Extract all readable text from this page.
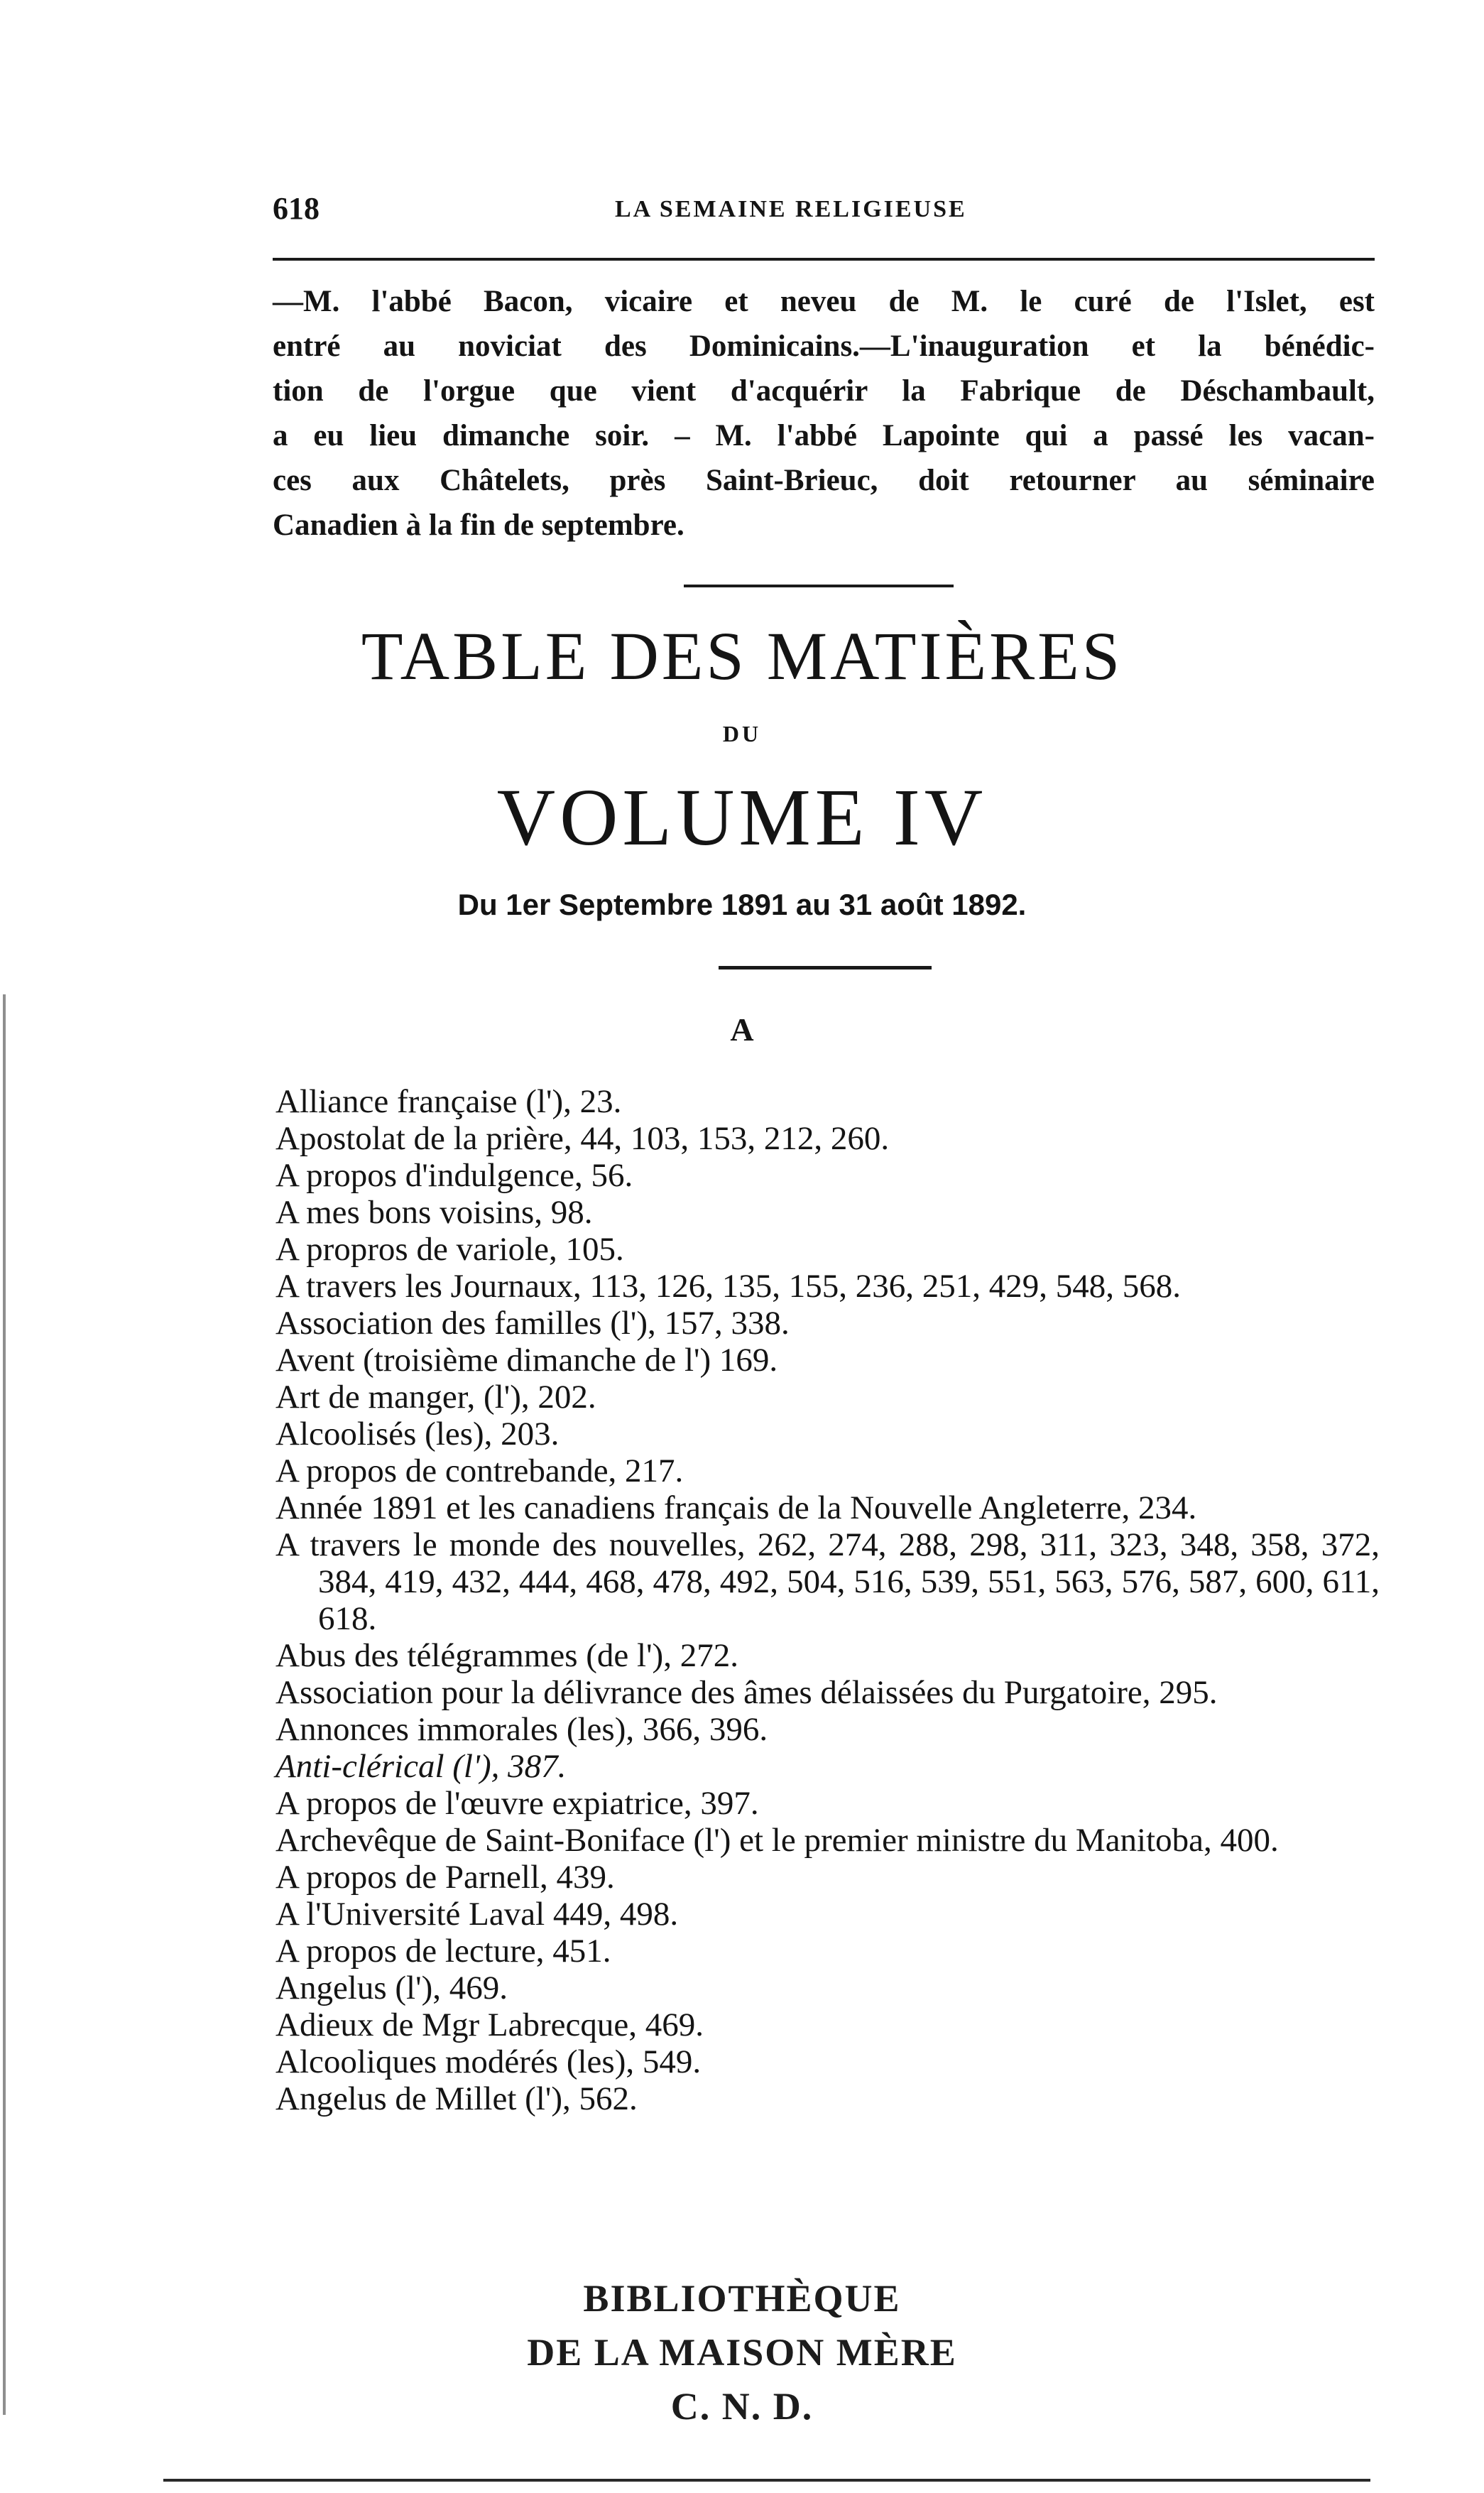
618	LA SEMAINE RELIGIEUSE
—M. l'abbé Bacon, vicaire et neveu de M. le curé de l'Islet, est
entré au noviciat des Dominicains.—L'inauguration et la bénédic-
tion de l'orgue que vient d'acquérir la Fabrique de Déschambault,
a eu lieu dimanche soir. – M. l'abbé Lapointe qui a passé les vacan-
ces aux Châtelets, près Saint-Brieuc, doit retourner au séminaire
Canadien à la fin de septembre.
TABLE DES MATIÈRES
DU
VOLUME IV
Du 1er Septembre 1891 au 31 août 1892.
A
Alliance française (l'), 23.
Apostolat de la prière, 44, 103, 153, 212, 260.
A propos d'indulgence, 56.
A mes bons voisins, 98.
A propros de variole, 105.
A travers les Journaux, 113, 126, 135, 155, 236, 251, 429, 548, 568.
Association des familles (l'), 157, 338.
Avent (troisième dimanche de l') 169.
Art de manger, (l'), 202.
Alcoolisés (les), 203.
A propos de contrebande, 217.
Année 1891 et les canadiens français de la Nouvelle Angleterre, 234.
A travers le monde des nouvelles, 262, 274, 288, 298, 311, 323, 348, 358, 372, 384, 419, 432, 444, 468, 478, 492, 504, 516, 539, 551, 563, 576, 587, 600, 611, 618.
Abus des télégrammes (de l'), 272.
Association pour la délivrance des âmes délaissées du Purgatoire, 295.
Annonces immorales (les), 366, 396.
Anti-clérical (l'), 387.
A propos de l'œuvre expiatrice, 397.
Archevêque de Saint-Boniface (l') et le premier ministre du Manitoba, 400.
A propos de Parnell, 439.
A l'Université Laval 449, 498.
A propos de lecture, 451.
Angelus (l'), 469.
Adieux de Mgr Labrecque, 469.
Alcooliques modérés (les), 549.
Angelus de Millet (l'), 562.
BIBLIOTHÈQUE
DE LA MAISON MÈRE
C. N. D.
